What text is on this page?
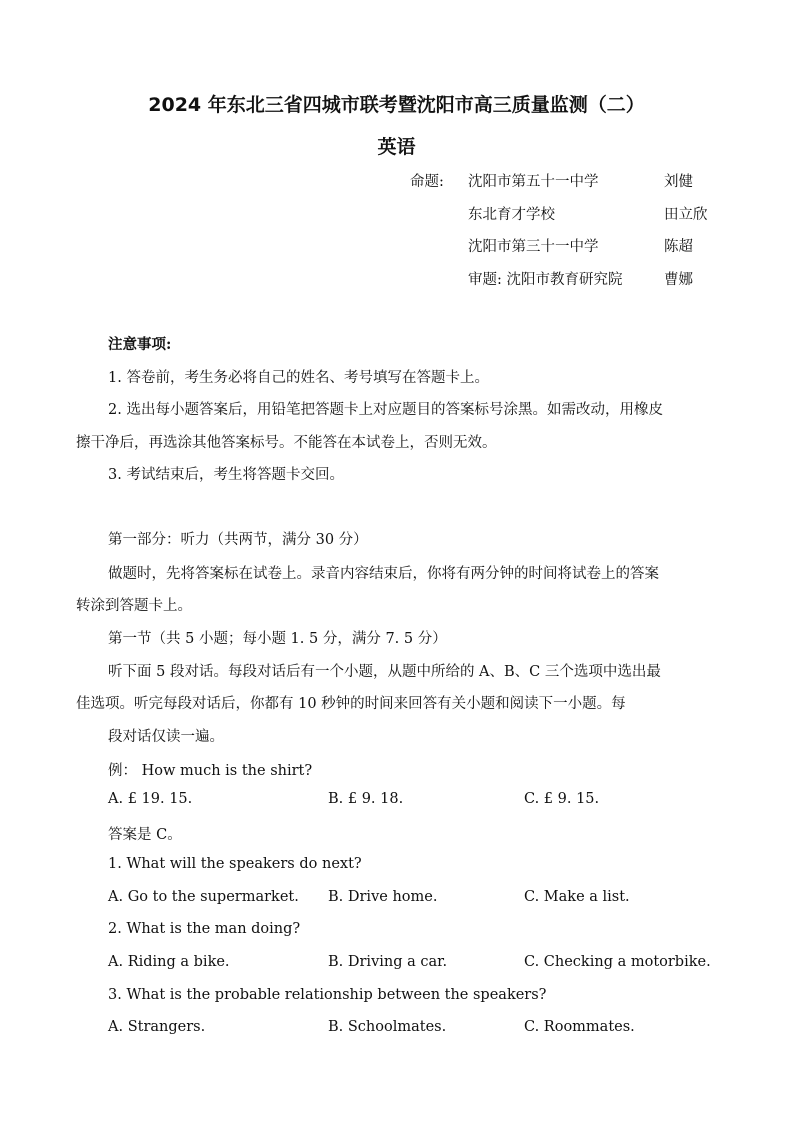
2024 年东北三省四城市联考暨沈阳市高三质量监测（二）
英语
命题: 沈阳市第五十一中学	刘健
东北育才学校	田立欣
沈阳市第三十一中学	陈超
审题: 沈阳市教育研究院	曹娜
注意事项:
1. 答卷前，考生务必将自己的姓名、考号填写在答题卡上。
2. 选出每小题答案后，用铅笔把答题卡上对应题目的答案标号涂黑。如需改动，用橡皮
擦干净后，再选涂其他答案标号。不能答在本试卷上，否则无效。
3. 考试结束后，考生将答题卡交回。
第一部分：听力（共两节，满分 30 分）
做题时，先将答案标在试卷上。录音内容结束后，你将有两分钟的时间将试卷上的答案
转涂到答题卡上。
第一节（共 5 小题；每小题 1. 5 分，满分 7. 5 分）
听下面 5 段对话。每段对话后有一个小题，从题中所给的 A、B、C 三个选项中选出最
佳选项。听完每段对话后，你都有 10 秒钟的时间来回答有关小题和阅读下一小题。每
段对话仅读一遍。
例： How much is the shirt?
A. £ 19. 15.	B. £ 9. 18.	C. £ 9. 15.
答案是 C。
1. What will the speakers do next?
A. Go to the supermarket. B. Drive home.	C. Make a list.
2. What is the man doing?
A. Riding a bike.	B. Driving a car.	C. Checking a motorbike.
3. What is the probable relationship between the speakers?
A. Strangers.	B. Schoolmates.	C. Roommates.
